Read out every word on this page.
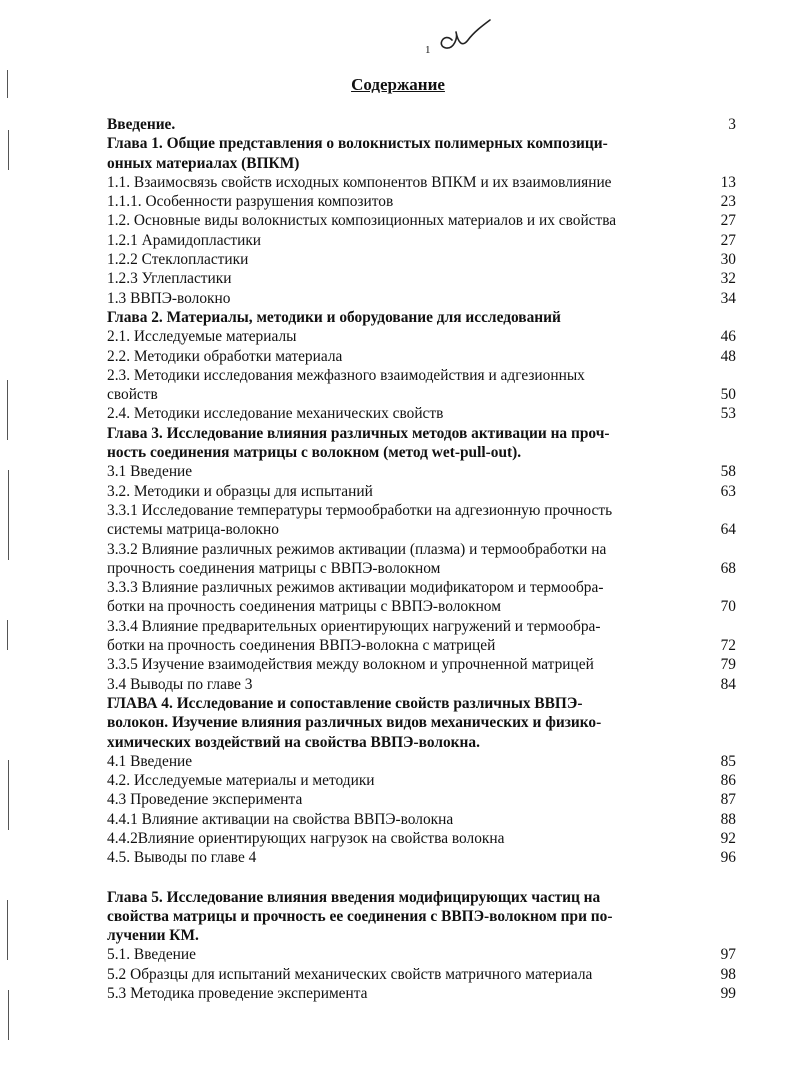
1
Содержание
Введение.	3
Глава 1. Общие представления о волокнистых полимерных композици-
онных материалах (ВПКМ)
1.1. Взаимосвязь свойств исходных компонентов ВПКМ и их взаимовлияние	13
1.1.1. Особенности разрушения композитов	23
1.2. Основные виды волокнистых композиционных материалов и их свойства	27
1.2.1 Арамидопластики	27
1.2.2 Стеклопластики	30
1.2.3 Углепластики	32
1.3 ВВПЭ-волокно	34
Глава 2. Материалы, методики и оборудование для исследований
2.1. Исследуемые материалы	46
2.2. Методики обработки материала	48
2.3. Методики исследования межфазного взаимодействия и адгезионных
свойств	50
2.4. Методики исследование механических свойств	53
Глава 3. Исследование влияния различных методов активации на проч-
ность соединения матрицы с волокном (метод wet-pull-out).
3.1 Введение	58
3.2. Методики и образцы для испытаний	63
3.3.1 Исследование температуры термообработки на адгезионную прочность
системы матрица-волокно	64
3.3.2 Влияние различных режимов активации (плазма) и термообработки на
прочность соединения матрицы с ВВПЭ-волокном	68
3.3.3 Влияние различных режимов активации модификатором и термообра-
ботки на прочность соединения матрицы с ВВПЭ-волокном	70
3.3.4 Влияние предварительных ориентирующих нагружений и термообра-
ботки на прочность соединения ВВПЭ-волокна с матрицей	72
3.3.5 Изучение взаимодействия между волокном и упрочненной матрицей	79
3.4 Выводы по главе 3	84
ГЛАВА 4. Исследование и сопоставление свойств различных ВВПЭ-
волокон. Изучение влияния различных видов механических и физико-
химических воздействий на свойства ВВПЭ-волокна.
4.1 Введение	85
4.2. Исследуемые материалы и методики	86
4.3 Проведение эксперимента	87
4.4.1 Влияние активации на свойства ВВПЭ-волокна	88
4.4.2Влияние ориентирующих нагрузок на свойства волокна	92
4.5. Выводы по главе 4	96
Глава 5. Исследование влияния введения модифицирующих частиц на
свойства матрицы и прочность ее соединения с ВВПЭ-волокном при по-
лучении КМ.
5.1. Введение	97
5.2 Образцы для испытаний механических свойств матричного материала	98
5.3 Методика проведение эксперимента	99
